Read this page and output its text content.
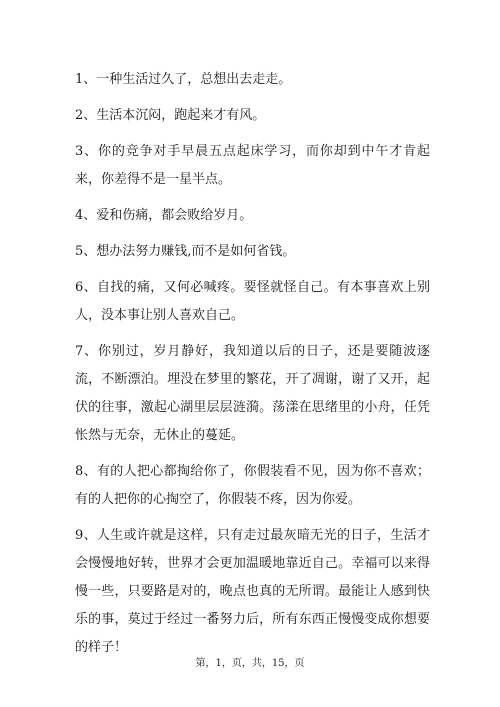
1、一种生活过久了，总想出去走走。

2、生活本沉闷，跑起来才有风。

3、你的竞争对手早晨五点起床学习，而你却到中午才肯起来，你差得不是一星半点。

4、爱和伤痛，都会败给岁月。

5、想办法努力赚钱,而不是如何省钱。

6、自找的痛，又何必喊疼。要怪就怪自己。有本事喜欢上别人，没本事让别人喜欢自己。

7、你别过，岁月静好，我知道以后的日子，还是要随波逐流，不断漂泊。埋没在梦里的繁花，开了凋谢，谢了又开，起伏的往事，激起心湖里层层涟漪。荡漾在思绪里的小舟，任凭怅然与无奈，无休止的蔓延。

8、有的人把心都掏给你了，你假装看不见，因为你不喜欢；有的人把你的心掏空了，你假装不疼，因为你爱。

9、人生或许就是这样，只有走过最灰暗无光的日子，生活才会慢慢地好转，世界才会更加温暖地靠近自己。幸福可以来得慢一些，只要路是对的，晚点也真的无所谓。最能让人感到快乐的事，莫过于经过一番努力后，所有东西正慢慢变成你想要的样子！

第，1，页，共，15，页
